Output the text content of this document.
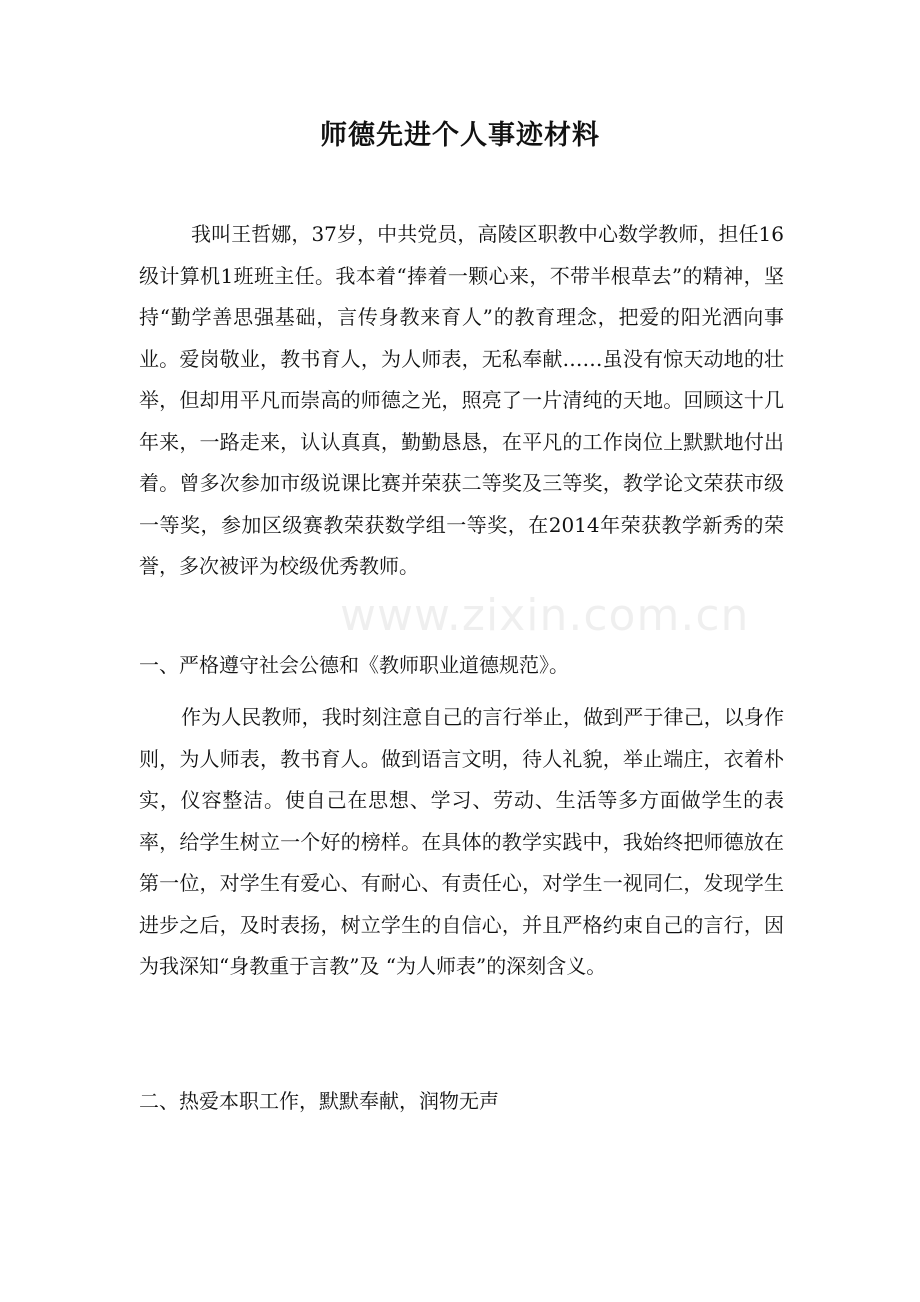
师德先进个人事迹材料
我叫王哲娜，37岁，中共党员，高陵区职教中心数学教师，担任16级计算机1班班主任。我本着“捧着一颗心来，不带半根草去”的精神，坚持“勤学善思强基础，言传身教来育人”的教育理念，把爱的阳光洒向事业。爱岗敬业，教书育人，为人师表，无私奉献……虽没有惊天动地的壮举，但却用平凡而崇高的师德之光，照亮了一片清纯的天地。回顾这十几年来，一路走来，认认真真，勤勤恳恳，在平凡的工作岗位上默默地付出着。曾多次参加市级说课比赛并荣获二等奖及三等奖，教学论文荣获市级一等奖，参加区级赛教荣获数学组一等奖，在2014年荣获教学新秀的荣誉，多次被评为校级优秀教师。
一、严格遵守社会公德和《教师职业道德规范》。
作为人民教师，我时刻注意自己的言行举止，做到严于律己，以身作则，为人师表，教书育人。做到语言文明，待人礼貌，举止端庄，衣着朴实，仪容整洁。使自己在思想、学习、劳动、生活等多方面做学生的表率，给学生树立一个好的榜样。在具体的教学实践中，我始终把师德放在第一位，对学生有爱心、有耐心、有责任心，对学生一视同仁，发现学生进步之后，及时表扬，树立学生的自信心，并且严格约束自己的言行，因为我深知“身教重于言教”及 “为人师表”的深刻含义。
二、热爱本职工作，默默奉献，润物无声
www.zixin.com.cn
